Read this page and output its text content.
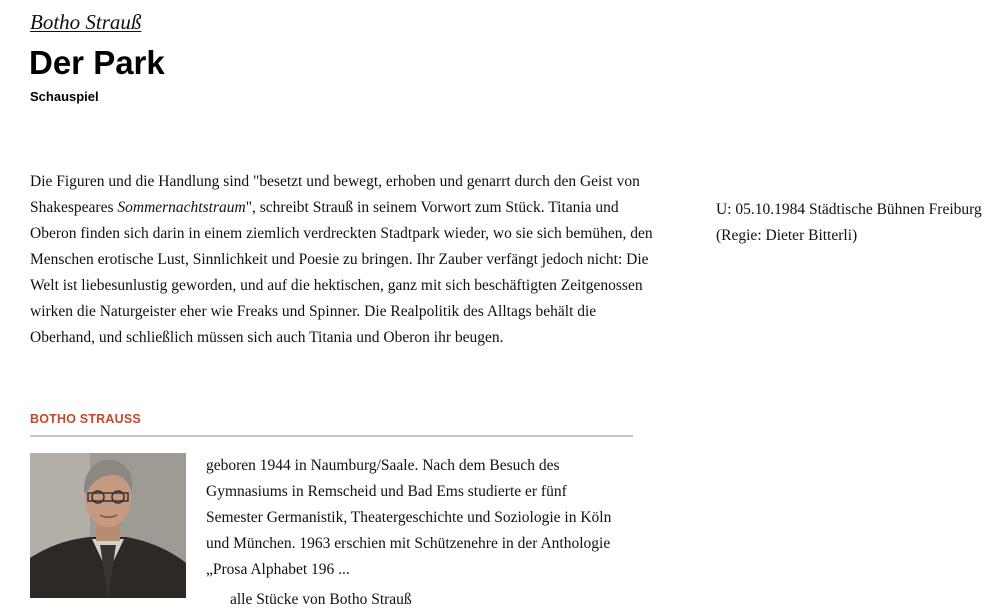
Botho Strauß
Der Park
Schauspiel

Die Figuren und die Handlung sind "besetzt und bewegt, erhoben und genarrt durch den Geist von
Shakespeares Sommernachtstraum", schreibt Strauß in seinem Vorwort zum Stück. Titania und
Oberon finden sich darin in einem ziemlich verdreckten Stadtpark wieder, wo sie sich bemühen, den
Menschen erotische Lust, Sinnlichkeit und Poesie zu bringen. Ihr Zauber verfängt jedoch nicht: Die
Welt ist liebesunlustig geworden, und auf die hektischen, ganz mit sich beschäftigten Zeitgenossen
wirken die Naturgeister eher wie Freaks und Spinner. Die Realpolitik des Alltags behält die
Oberhand, und schließlich müssen sich auch Titania und Oberon ihr beugen.

U: 05.10.1984 Städtische Bühnen Freiburg
(Regie: Dieter Bitterli)
BOTHO STRAUSS
geboren 1944 in Naumburg/Saale. Nach dem Besuch des
Gymnasiums in Remscheid und Bad Ems studierte er fünf
Semester Germanistik, Theatergeschichte und Soziologie in Köln
und München. 1963 erschien mit Schützenehre in der Anthologie
„Prosa Alphabet 196 ...
alle Stücke von Botho Strauß
